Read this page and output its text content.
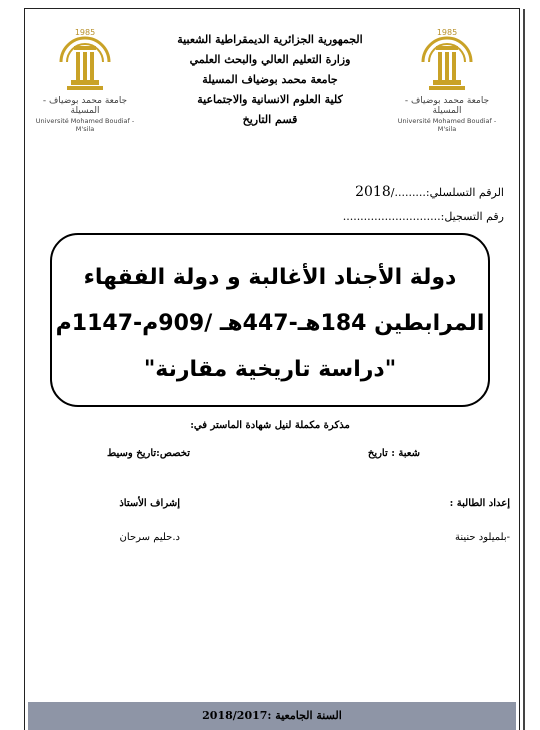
1985
جامعة محمد بوضياف - المسيلة
Université Mohamed Boudiaf - M'sila
1985
جامعة محمد بوضياف - المسيلة
Université Mohamed Boudiaf - M'sila
الجمهورية الجزائرية الديمقراطية الشعبية
وزارة التعليم العالي والبحث العلمي
جامعة محمد بوضياف المسيلة
كلية العلوم الانسانية والاجتماعية
قسم التاريخ
الرقم التسلسلي:........./2018
رقم التسجيل:............................
دولة الأجناد الأغالبة و دولة الفقهاء
المرابطين 184هـ-447هـ /909م-1147م
"دراسة تاريخية مقارنة"
مذكرة مكملة لنيل شهادة الماستر في:
شعبة : تاريخ
تخصص:تاريخ وسيط
إعداد الطالبة :
إشراف الأستاذ
-بلميلود حنينة
د.حليم سرحان
السنة الجامعية :2018/2017
